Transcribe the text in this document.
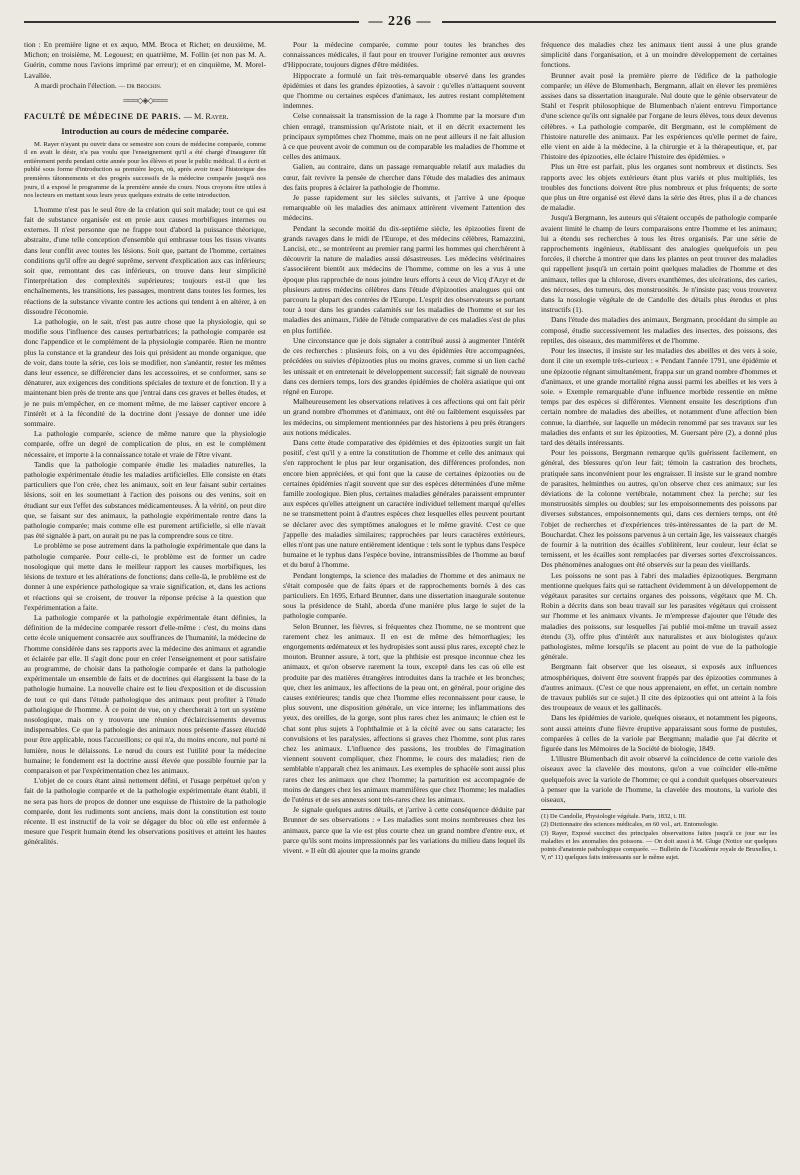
— 226 —

tion : En première ligne et ex æquo, MM. Broca et Richet; en deuxième, M. Michon; en troisième, M. Legouest; en quatrième, M. Follin (et non pas M. A. Guérin, comme nous l'avions imprimé par erreur); et en cinquième, M. Morel-Lavallée.

A mardi prochain l'élection. — Dr Brochin.

═══◇◈◇═══
FACULTÉ DE MÉDECINE DE PARIS. — M. Rayer.
Introduction au cours de médecine comparée.

M. Rayer n'ayant pu ouvrir dans ce semestre son cours de médecine comparée, comme il en avait le désir, n'a pas voulu que l'enseignement qu'il a été chargé d'inaugurer fût entièrement perdu pendant cette année pour les élèves et pour le public médical. Il a écrit et publié sous forme d'introduction sa première leçon, où, après avoir tracé l'historique des premières tâtonnements et des progrès successifs de la médecine comparée jusqu'à nos jours, il a exposé le programme de la première année du cours. Nous croyons être utiles à nos lecteurs en mettant sous leurs yeux quelques extraits de cette introduction.

L'homme n'est pas le seul être de la création qui soit malade; tout ce qui est fait de substance organisée est en proie aux causes morbifiques internes ou externes. Il n'est personne que ne frappe tout d'abord la puissance théorique, abstraite, d'une telle conception d'ensemble qui embrasse tous les tissus vivants dans leur conflit avec toutes les lésions. Soit que, partant de l'homme, certaines conditions qu'il offre au degré suprême, servent d'explication aux cas inférieurs; soit que, remontant des cas inférieurs, on trouve dans leur simplicité l'interprétation des complexités supérieures; toujours est-il que les enchaînements, les transitions, les passages, montrent dans toutes les formes, les réactions de la substance vivante contre les actions qui tendent à en altérer, à en dissoudre l'économie.

La pathologie, on le sait, n'est pas autre chose que la physiologie, qui se modifie sous l'influence des causes perturbatrices; la pathologie comparée est donc l'appendice et le complément de la physiologie comparée. Rien ne montre plus la constance et la grandeur des lois qui président au monde organique, que de voir, dans toute la série, ces lois se modifier, non s'anéantir, rester les mêmes dans leur essence, se différencier dans les accessoires, et se conformer, sans se dénaturer, aux exigences des conditions spéciales de texture et de fonction. Il y a maintenant bien près de trente ans que j'entrai dans ces graves et belles études, et je ne puis m'empêcher, en ce moment même, de me laisser captiver encore à l'intérêt et à la fécondité de la doctrine dont j'essaye de donner une idée sommaire.

La pathologie comparée, science de même nature que la physiologie comparée, offre un degré de complication de plus, en est le complément nécessaire, et importe à la connaissance totale et vraie de l'être vivant.

Tandis que la pathologie comparée étudie les maladies naturelles, la pathologie expérimentale étudie les maladies artificielles. Elle consiste en états particuliers que l'on crée, chez les animaux, soit en leur faisant subir certaines lésions, soit en les soumettant à l'action des poisons ou des venins, soit en étudiant sur eux l'effet des substances médicamenteuses. À la vérité, on peut dire que, se faisant sur des animaux, la pathologie expérimentale rentre dans la pathologie comparée; mais comme elle est purement artificielle, si elle n'avait pas été signalée à part, on aurait pu ne pas la comprendre sous ce titre.

Le problème se pose autrement dans la pathologie expérimentale que dans la pathologie comparée. Pour celle-ci, le problème est de former un cadre nosologique qui mette dans le meilleur rapport les causes morbifiques, les lésions de texture et les altérations de fonctions; dans celle-là, le problème est de donner à une expérience pathologique sa vraie signification, et, dans les actions et réactions qui se croisent, de trouver la réponse précise à la question que l'expérimentation a faite.

La pathologie comparée et la pathologie expérimentale étant définies, la définition de la médecine comparée ressort d'elle-même : c'est, du moins dans cette école uniquement consacrée aux souffrances de l'humanité, la médecine de l'homme considérée dans ses rapports avec la médecine des animaux et agrandie et éclairée par elle. Il s'agit donc pour en créer l'enseignement et pour satisfaire au programme, de choisir dans la pathologie comparée et dans la pathologie expérimentale un ensemble de faits et de doctrines qui élargissent la base de la pathologie humaine. La nouvelle chaire est le lieu d'exposition et de discussion de tout ce qui dans l'étude pathologique des animaux peut profiter à l'étude pathologique de l'homme. À ce point de vue, on y chercherait à tort un système nosologique, mais on y trouvera une réunion d'éclaircissements devenus indispensables. Ce que la pathologie des animaux nous présente d'assez élucidé pour être applicable, nous l'accueillons; ce qui n'a, du moins encore, nul porté ni lumière, nous le délaissons. Le nœud du cours est l'utilité pour la médecine humaine; le fondement est la doctrine aussi élevée que possible fournie par la comparaison et par l'expérimentation chez les animaux.

L'objet de ce cours étant ainsi nettement défini, et l'usage perpétuel qu'on y fait de la pathologie comparée et de la pathologie expérimentale étant établi, il ne sera pas hors de propos de donner une esquisse de l'histoire de la pathologie comparée, dont les rudiments sont anciens, mais dont la constitution est toute récente. Il est instructif de la voir se dégager du bloc où elle est enfermée à mesure que l'esprit humain étend les observations positives et atteint les hautes généralités.

Pour la médecine comparée, comme pour toutes les branches des connaissances médicales, il faut pour en trouver l'origine remonter aux œuvres d'Hippocrate, toujours dignes d'être méditées.

Hippocrate a formulé un fait très-remarquable observé dans les grandes épidémies et dans les grandes épizooties, à savoir : qu'elles n'attaquent souvent que l'homme ou certaines espèces d'animaux, les autres restant complétement indemnes.

Celse connaissait la transmission de la rage à l'homme par la morsure d'un chien enragé, transmission qu'Aristote niait, et il en décrit exactement les principaux symptômes chez l'homme, mais on ne peut ailleurs il ne fait allusion à ce que peuvent avoir de commun ou de comparable les maladies de l'homme et celles des animaux.

Galien, au contraire, dans un passage remarquable relatif aux maladies du cœur, fait revivre la pensée de chercher dans l'étude des maladies des animaux des faits propres à éclairer la pathologie de l'homme.

Je passe rapidement sur les siècles suivants, et j'arrive à une époque remarquable où les maladies des animaux attirèrent vivement l'attention des médecins.

Pendant la seconde moitié du dix-septième siècle, les épizooties firent de grands ravages dans le midi de l'Europe, et des médecins célèbres, Ramazzini, Lancisi, etc., se montrèrent au premier rang parmi les hommes qui cherchèrent à découvrir la nature de maladies aussi désastreuses. Les médecins vétérinaires s'associèrent bientôt aux médecins de l'homme, comme on les a vus à une époque plus rapprochée de nous joindre leurs efforts à ceux de Vicq d'Azyr et de plusieurs autres médecins célèbres dans l'étude d'épizooties analogues qui ont parcouru la plupart des contrées de l'Europe. L'esprit des observateurs se portant tour à tour dans les grandes calamités sur les maladies de l'homme et sur les maladies des animaux, l'idée de l'étude comparative de ces maladies s'est de plus en plus fortifiée.

Une circonstance que je dois signaler a contribué aussi à augmenter l'intérêt de ces recherches : plusieurs fois, on a vu des épidémies être accompagnées, précédées ou suivies d'épizooties plus ou moins graves, comme si un lien caché les unissait et en entretenait le développement successif; fait signalé de nouveau dans ces derniers temps, lors des grandes épidémies de choléra asiatique qui ont régné en Europe.

Malheureusement les observations relatives à ces affections qui ont fait périr un grand nombre d'hommes et d'animaux, ont été ou faiblement esquissées par les médecins, ou simplement mentionnées par des historiens à peu près étrangers aux notions médicales.

Dans cette étude comparative des épidémies et des épizooties surgit un fait positif, c'est qu'il y a entre la constitution de l'homme et celle des animaux qui s'en rapprochent le plus par leur organisation, des différences profondes, non encore bien appréciées, et qui font que la cause de certaines épizooties ou de certaines épidémies n'agit souvent que sur des espèces déterminées d'une même famille zoologique. Bien plus, certaines maladies générales paraissent emprunter aux espèces qu'elles atteignent un caractère individuel tellement marqué qu'elles ne se transmettent point à d'autres espèces chez lesquelles elles peuvent pourtant se déclarer avec des symptômes analogues et le même gravité. C'est ce que j'appelle des maladies similaires; rapprochées par leurs caractères extérieurs, elles n'ont pas une nature entièrement identique : tels sont le typhus dans l'espèce humaine et le typhus dans l'espèce bovine, intransmissibles de l'homme au bœuf et du bœuf à l'homme.

Pendant longtemps, la science des maladies de l'homme et des animaux ne s'était composée que de faits épars et de rapprochements bornés à des cas particuliers. En 1695, Erhard Brunner, dans une dissertation inaugurale soutenue sous la présidence de Stahl, abordа d'une manière plus large le sujet de la pathologie comparée.

Selon Brunner, les fièvres, si fréquentes chez l'homme, ne se montrent que rarement chez les animaux. Il en est de même des hémorrhagies; les engorgements œdémateux et les hydropisies sont aussi plus rares, excepté chez le mouton. Brunner assure, à tort, que la phthisie est presque inconnue chez les animaux, et qu'on observe rarement la toux, excepté dans les cas où elle est produite par des matières étrangères introduites dans la trachée et les bronches; que, chez les animaux, les affections de la peau ont, en général, pour origine des causes extérieures; tandis que chez l'homme elles reconnaissent pour cause, le plus souvent, une disposition générale, un vice interne; les inflammations des yeux, des oreilles, de la gorge, sont plus rares chez les animaux; le chien est le chat sont plus sujets à l'ophthalmie et à la cécité avec ou sans cataracte; les convulsions et les paralysies, affections si graves chez l'homme, sont plus rares chez les animaux. L'influence des passions, les troubles de l'imagination viennent souvent compliquer, chez l'homme, le cours des maladies; rien de semblable n'apparaît chez les animaux. Les exemples de sphacèle sont aussi plus rares chez les animaux que chez l'homme; la parturition est accompagnée de moins de dangers chez les animaux mammifères que chez l'homme; les maladies de l'utérus et de ses annexes sont très-rares chez les animaux.

Je signale quelques autres détails, et j'arrive à cette conséquence déduite par Brunner de ses observations : « Les maladies sont moins nombreuses chez les animaux, parce que la vie est plus courte chez un grand nombre d'entre eux, et parce qu'ils sont moins impressionnés par les variations du milieu dans lequel ils vivent. » Il eût dû ajouter que la moins grande

fréquence des maladies chez les animaux tient aussi à une plus grande simplicité dans l'organisation, et à un moindre développement de certaines fonctions.

Brunner avait posé la première pierre de l'édifice de la pathologie comparée; un élève de Blumenbach, Bergmann, allait en élever les premières assises dans sa dissertation inaugurale. Nul doute que le génie observateur de Stahl et l'esprit philosophique de Blumenbach n'aient entrevu l'importance d'une science qu'ils ont signalée par l'organe de leurs élèves, tous deux devenus célèbres. « La pathologie comparée, dit Bergmann, est le complément de l'histoire naturelle des animaux. Par les expériences qu'elle permet de faire, elle vient en aide à la médecine, à la chirurgie et à la thérapeutique, et, par l'histoire des épizooties, elle éclaire l'histoire des épidémies. »

Plus un être est parfait, plus les organes sont nombreux et distincts. Ses rapports avec les objets extérieurs étant plus variés et plus multipliés, les troubles des fonctions doivent être plus nombreux et plus fréquents; de sorte que plus un être organisé est élevé dans la série des êtres, plus il a de chances de maladie.

Jusqu'à Bergmann, les auteurs qui s'étaient occupés de pathologie comparée avaient limité le champ de leurs comparaisons entre l'homme et les animaux; lui a étendu ses recherches à tous les êtres organisés. Par une série de rapprochements ingénieux, établissant des analogies quelquefois un peu forcées, il cherche à montrer que dans les plantes on peut trouver des maladies qui rappellent jusqu'à un certain point quelques maladies de l'homme et des animaux, telles que la chlorose, divers exanthèmes, des ulcérations, des caries, des nécroses, des tumeurs, des monstruosités. Je n'insiste pas; vous trouverez dans la nosologie végétale de de Candolle des détails plus étendus et plus instructifs (1).

Dans l'étude des maladies des animaux, Bergmann, procédant du simple au composé, étudie successivement les maladies des insectes, des poissons, des reptiles, des oiseaux, des mammifères et de l'homme.

Pour les insectes, il insiste sur les maladies des abeilles et des vers à soie, dont il cite un exemple très-curieux : « Pendant l'année 1791, une épidémie et une épizootie régnant simultanément, frappa sur un grand nombre d'hommes et d'animaux, et une grande mortalité régna aussi parmi les abeilles et les vers à soie. » Exemple remarquable d'une influence morbide ressentie en même temps par des espèces si différentes. Viennent ensuite les descriptions d'un certain nombre de maladies des abeilles, et notamment d'une affection bien connue, la diarrhée, sur laquelle un médecin renommé par ses travaux sur les maladies des enfants et sur les épizooties, M. Guersant père (2), a donné plus tard des détails intéressants.

Pour les poissons, Bergmann remarque qu'ils guérissent facilement, en général, des blessures qu'on leur fait; témoin la castration des brochets, pratiquée sans inconvénient pour les engraisser. Il insiste sur le grand nombre de parasites, helminthes ou autres, qu'on observe chez ces animaux; sur les déviations de la colonne vertébrale, notamment chez la perche; sur les monstruosités simples ou doubles; sur les empoisonnements des poissons par diverses substances, empoisonnements qui, dans ces derniers temps, ont été l'objet de recherches et d'expériences très-intéressantes de la part de M. Bouchardat. Chez les poissons parvenus à un certain âge, les vaisseaux chargés de fournir à la nutrition des écailles s'oblitèrent, leur couleur, leur éclat se ternissent, et les écailles sont remplacées par diverses sortes d'excroissances. Des phénomènes analogues ont été observés sur la peau des vieillards.

Les poissons ne sont pas à l'abri des maladies épizootiques. Bergmann mentionne quelques faits qui se rattachent évidemment à un développement de végétaux parasites sur certains organes des poissons, végétaux que M. Ch. Robin a décrits dans son beau travail sur les parasites végétaux qui croissent sur l'homme et les animaux vivants. Je m'empresse d'ajouter que l'étude des maladies des poissons, sur lesquelles j'ai publié moi-même un travail assez étendu (3), offre plus d'intérêt aux naturalistes et aux biologistes qu'aux pathologistes, même lorsqu'ils se placent au point de vue de la pathologie générale.

Bergmann fait observer que les oiseaux, si exposés aux influences atmosphériques, doivent être souvent frappés par des épizooties communes à d'autres animaux. (C'est ce que nous apprenaient, en effet, un certain nombre de travaux publiés sur ce sujet.) Il cite des épizooties qui ont atteint à la fois des troupeaux de veaux et les gallinacés.

Dans les épidémies de variole, quelques oiseaux, et notamment les pigeons, sont aussi atteints d'une fièvre éruptive apparaissant sous forme de pustules, comparées à celles de la variole par Bergmann; maladie que j'ai décrite et figurée dans les Mémoires de la Société de biologie, 1849.

L'illustre Blumenbach dit avoir observé la coïncidence de cette variole des oiseaux avec la clavelée des moutons, qu'on a vue coïncider elle-même quelquefois avec la variole de l'homme; ce qui a conduit quelques observateurs à penser que la variole de l'homme, la clavelée des moutons, la variole des oiseaux,

(1) De Candolle, Physiologie végétale. Paris, 1832, t. III.

(2) Dictionnaire des sciences médicales, en 60 vol., art. Entomologie.

(3) Rayer, Exposé succinct des principales observations faites jusqu'à ce jour sur les maladies et les anomalies des poissons. — On doit aussi à M. Gluge (Notice sur quelques points d'anatomie pathologique comparée. — Bulletin de l'Académie royale de Bruxelles, t. V, nº 11) quelques faits intéressants sur le même sujet.
